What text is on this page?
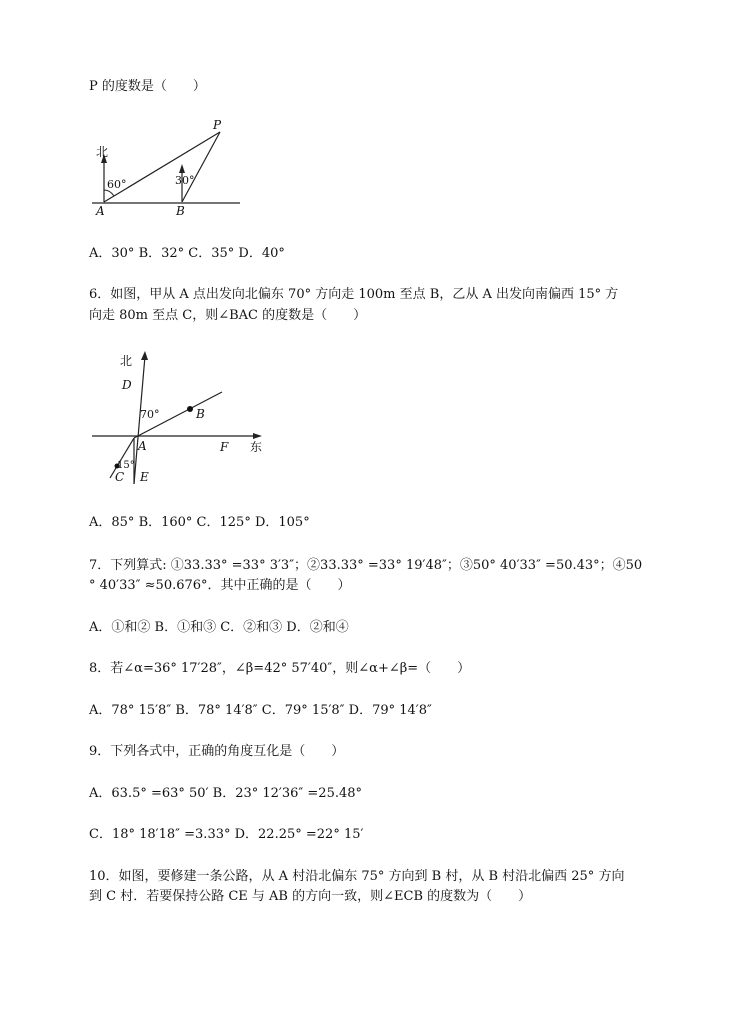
P 的度数是（　　）
北
60°	30°
A	B
P
A．30° B．32° C．35° D．40°
6．如图，甲从 A 点出发向北偏东 70° 方向走 100m 至点 B，乙从 A 出发向南偏西 15° 方
向走 80m 至点 C，则∠BAC 的度数是（　　）
北
东
D
70°	B
A	F
15°
C E
A．85° B．160° C．125° D．105°
7．下列算式: ①33.33° =33° 3′3″；②33.33° =33° 19′48″；③50° 40′33″ =50.43°；④50
° 40′33″ ≈50.676°．其中正确的是（　　）
A．①和② B．①和③ C．②和③ D．②和④
8．若∠α=36° 17′28″，∠β=42° 57′40″，则∠α+∠β=（　　）
A．78° 15′8″ B．78° 14′8″ C．79° 15′8″ D．79° 14′8″
9．下列各式中，正确的角度互化是（　　）
A．63.5° =63° 50′ B．23° 12′36″ =25.48°
C．18° 18′18″ =3.33° D．22.25° =22° 15′
10．如图，要修建一条公路，从 A 村沿北偏东 75° 方向到 B 村，从 B 村沿北偏西 25° 方向
到 C 村．若要保持公路 CE 与 AB 的方向一致，则∠ECB 的度数为（　　）
